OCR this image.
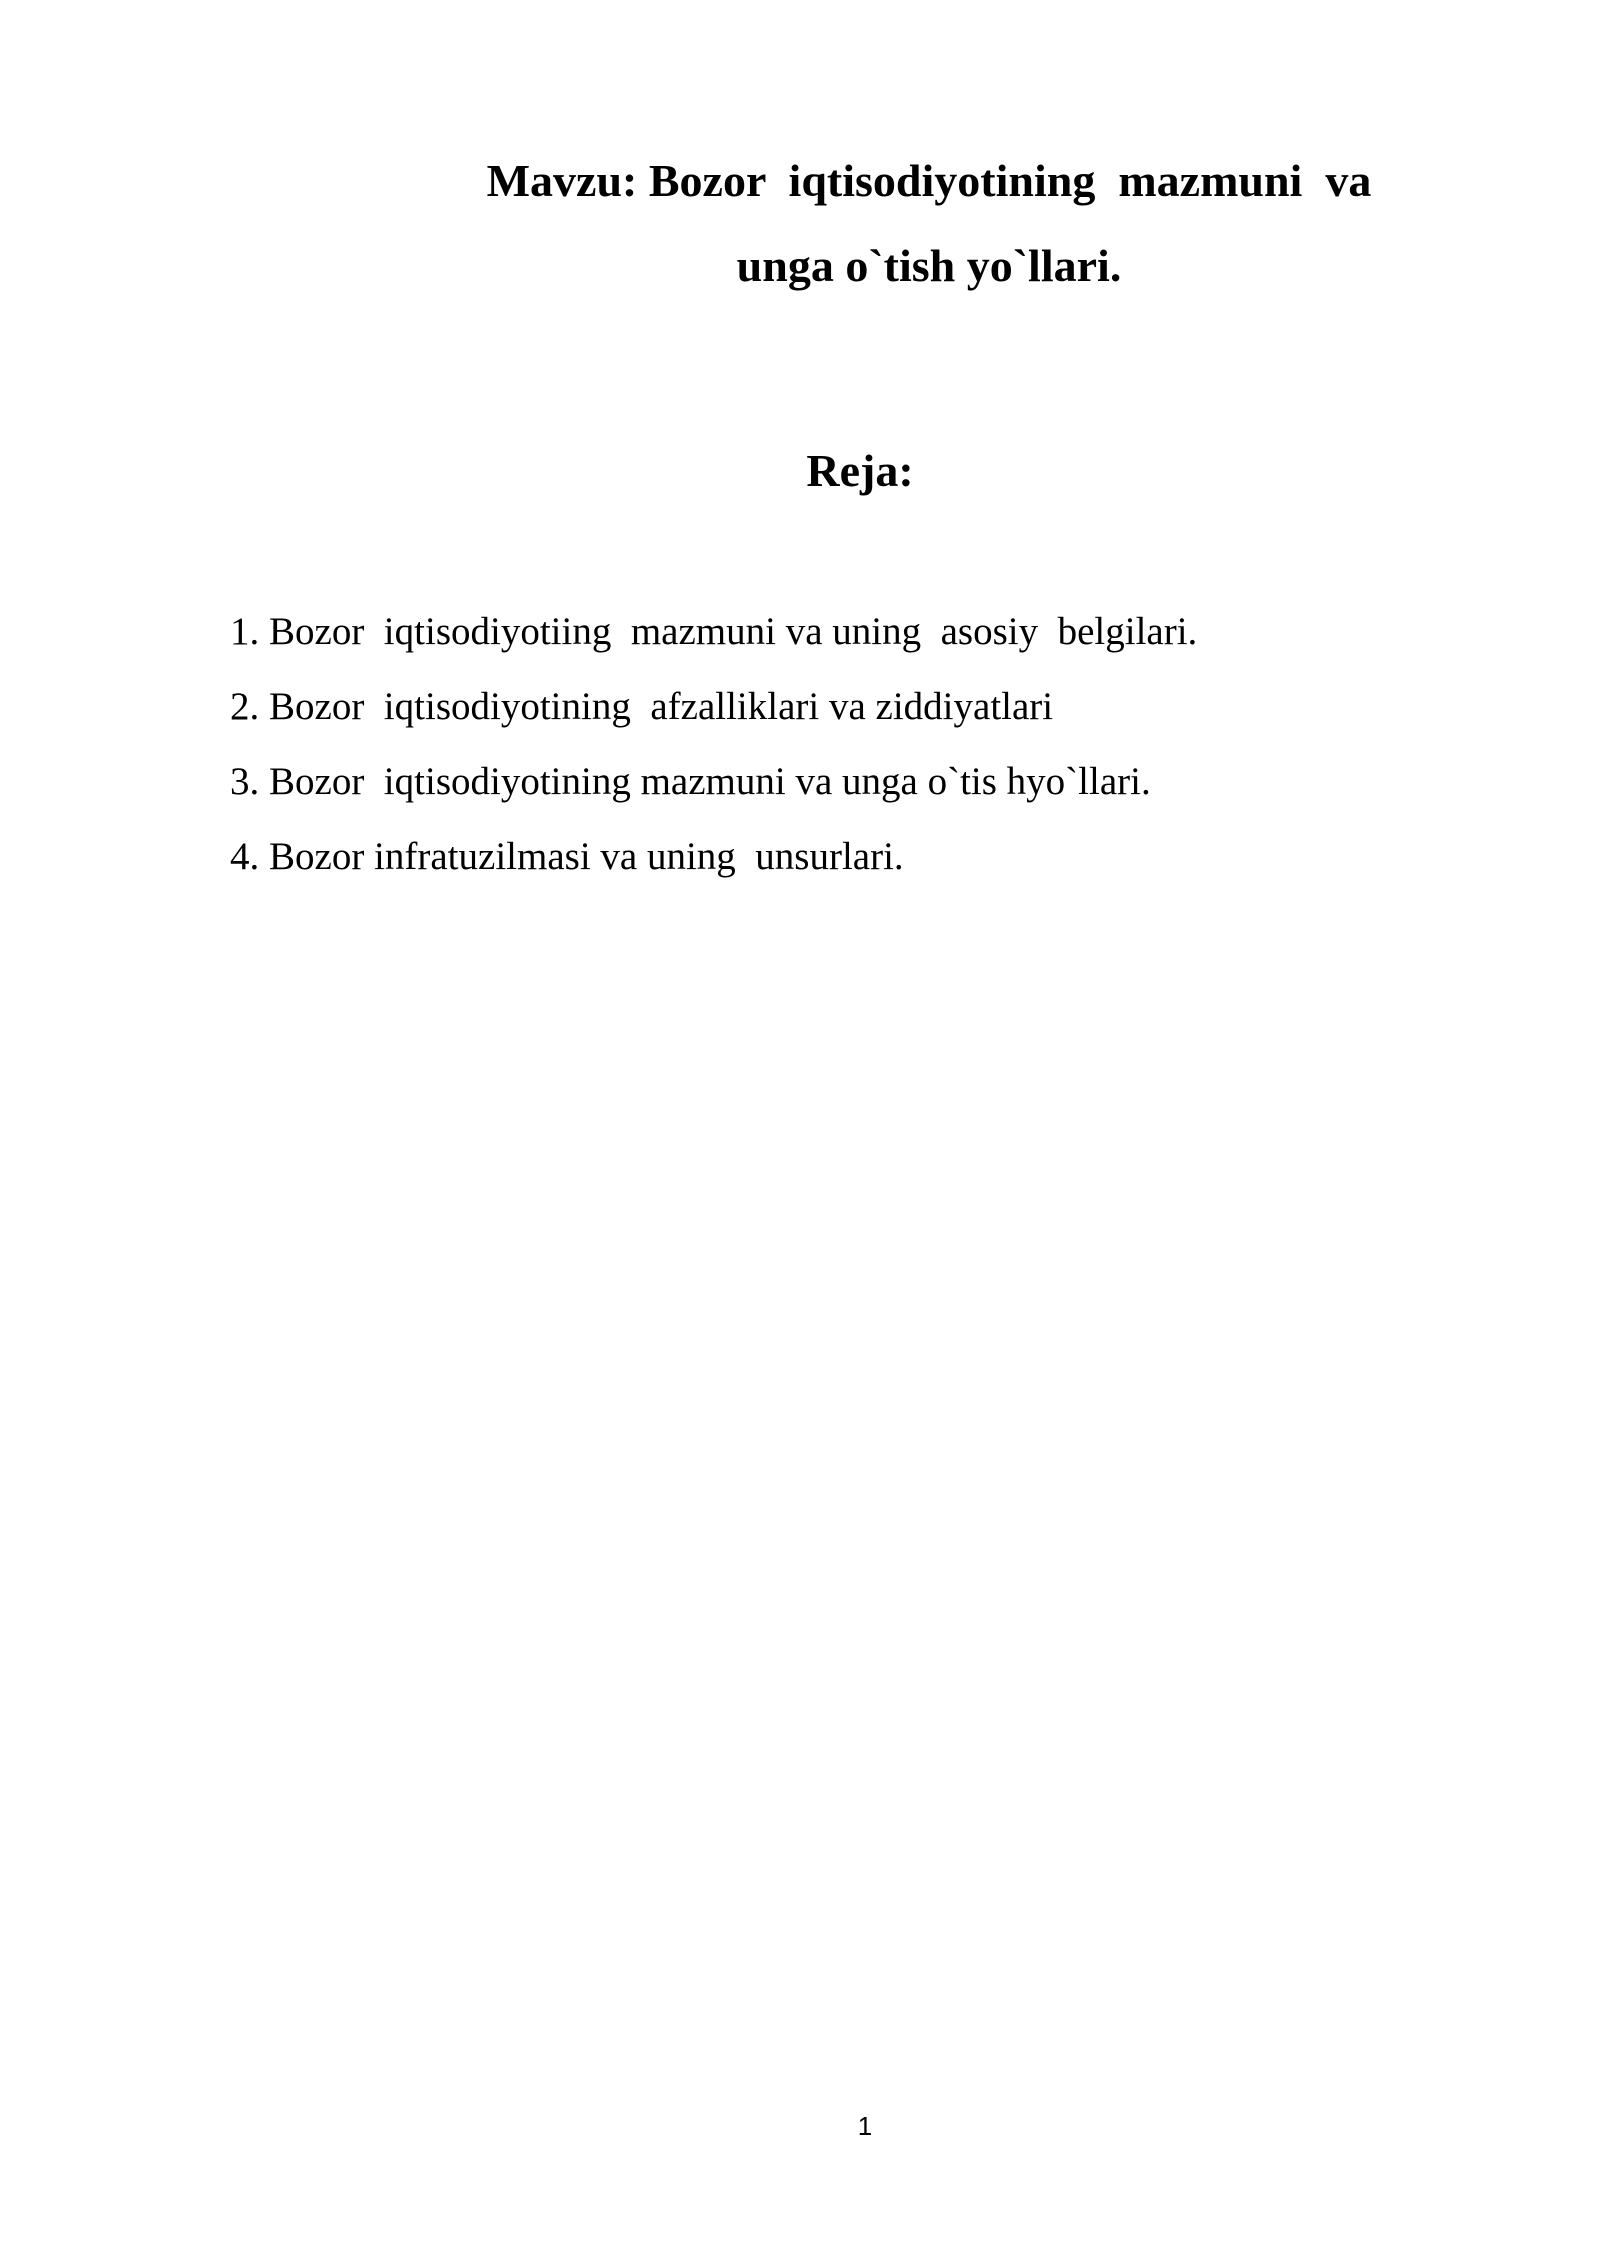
Mavzu: Bozor  iqtisodiyotining  mazmuni  va
unga o`tish yo`llari.
Reja:
1. Bozor  iqtisodiyotiing  mazmuni va uning  asosiy  belgilari.
2. Bozor  iqtisodiyotining  afzalliklari va ziddiyatlari
3. Bozor  iqtisodiyotining mazmuni va unga o`tis hyo`llari.
4. Bozor infratuzilmasi va uning  unsurlari.
1
